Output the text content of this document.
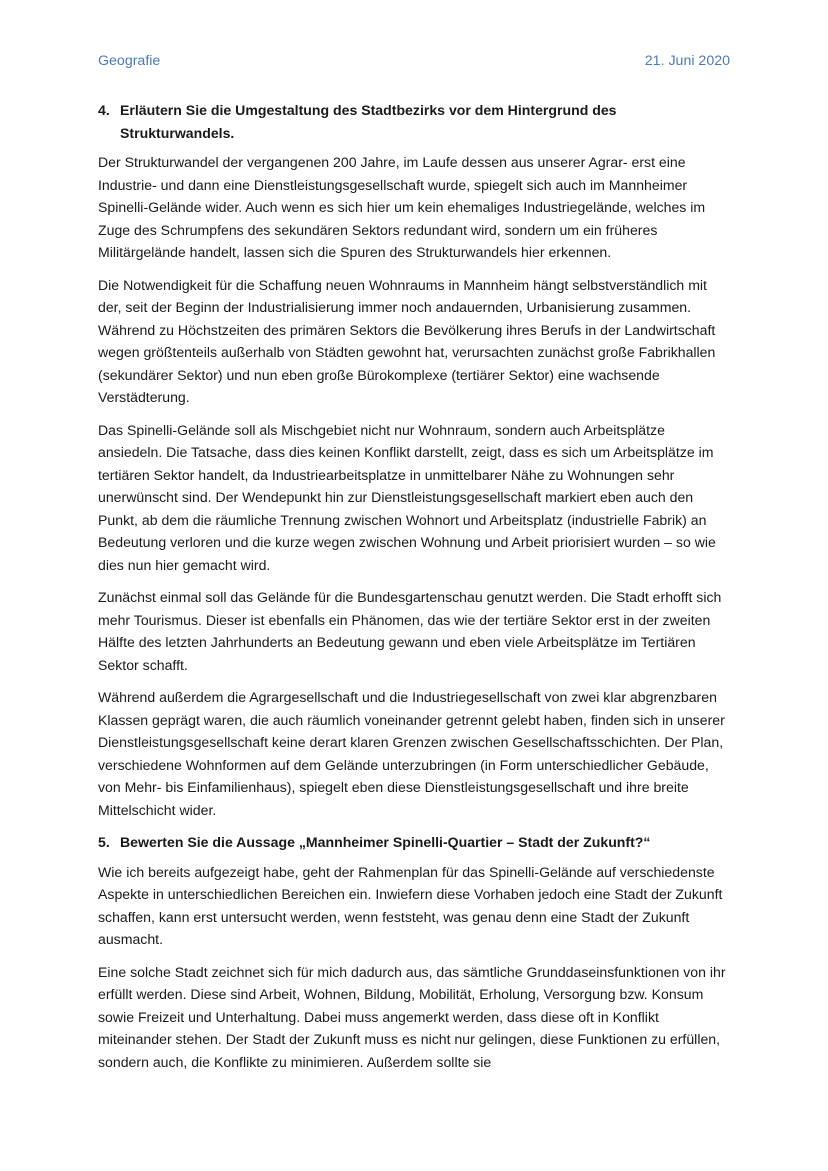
Geografie	21. Juni 2020
4. Erläutern Sie die Umgestaltung des Stadtbezirks vor dem Hintergrund des Strukturwandels.

Der Strukturwandel der vergangenen 200 Jahre, im Laufe dessen aus unserer Agrar- erst eine Industrie- und dann eine Dienstleistungsgesellschaft wurde, spiegelt sich auch im Mannheimer Spinelli-Gelände wider. Auch wenn es sich hier um kein ehemaliges Industriegelände, welches im Zuge des Schrumpfens des sekundären Sektors redundant wird, sondern um ein früheres Militärgelände handelt, lassen sich die Spuren des Strukturwandels hier erkennen.

Die Notwendigkeit für die Schaffung neuen Wohnraums in Mannheim hängt selbstverständlich mit der, seit der Beginn der Industrialisierung immer noch andauernden, Urbanisierung zusammen. Während zu Höchstzeiten des primären Sektors die Bevölkerung ihres Berufs in der Landwirtschaft wegen größtenteils außerhalb von Städten gewohnt hat, verursachten zunächst große Fabrikhallen (sekundärer Sektor) und nun eben große Bürokomplexe (tertiärer Sektor) eine wachsende Verstädterung.

Das Spinelli-Gelände soll als Mischgebiet nicht nur Wohnraum, sondern auch Arbeitsplätze ansiedeln. Die Tatsache, dass dies keinen Konflikt darstellt, zeigt, dass es sich um Arbeitsplätze im tertiären Sektor handelt, da Industriearbeitsplatze in unmittelbarer Nähe zu Wohnungen sehr unerwünscht sind. Der Wendepunkt hin zur Dienstleistungsgesellschaft markiert eben auch den Punkt, ab dem die räumliche Trennung zwischen Wohnort und Arbeitsplatz (industrielle Fabrik) an Bedeutung verloren und die kurze wegen zwischen Wohnung und Arbeit priorisiert wurden – so wie dies nun hier gemacht wird.

Zunächst einmal soll das Gelände für die Bundesgartenschau genutzt werden. Die Stadt erhofft sich mehr Tourismus. Dieser ist ebenfalls ein Phänomen, das wie der tertiäre Sektor erst in der zweiten Hälfte des letzten Jahrhunderts an Bedeutung gewann und eben viele Arbeitsplätze im Tertiären Sektor schafft.

Während außerdem die Agrargesellschaft und die Industriegesellschaft von zwei klar abgrenzbaren Klassen geprägt waren, die auch räumlich voneinander getrennt gelebt haben, finden sich in unserer Dienstleistungsgesellschaft keine derart klaren Grenzen zwischen Gesellschaftsschichten. Der Plan, verschiedene Wohnformen auf dem Gelände unterzubringen (in Form unterschiedlicher Gebäude, von Mehr- bis Einfamilienhaus), spiegelt eben diese Dienstleistungsgesellschaft und ihre breite Mittelschicht wider.

5. Bewerten Sie die Aussage „Mannheimer Spinelli-Quartier – Stadt der Zukunft?“

Wie ich bereits aufgezeigt habe, geht der Rahmenplan für das Spinelli-Gelände auf verschiedenste Aspekte in unterschiedlichen Bereichen ein. Inwiefern diese Vorhaben jedoch eine Stadt der Zukunft schaffen, kann erst untersucht werden, wenn feststeht, was genau denn eine Stadt der Zukunft ausmacht.

Eine solche Stadt zeichnet sich für mich dadurch aus, das sämtliche Grunddaseinsfunktionen von ihr erfüllt werden. Diese sind Arbeit, Wohnen, Bildung, Mobilität, Erholung, Versorgung bzw. Konsum sowie Freizeit und Unterhaltung. Dabei muss angemerkt werden, dass diese oft in Konflikt miteinander stehen. Der Stadt der Zukunft muss es nicht nur gelingen, diese Funktionen zu erfüllen, sondern auch, die Konflikte zu minimieren. Außerdem sollte sie
